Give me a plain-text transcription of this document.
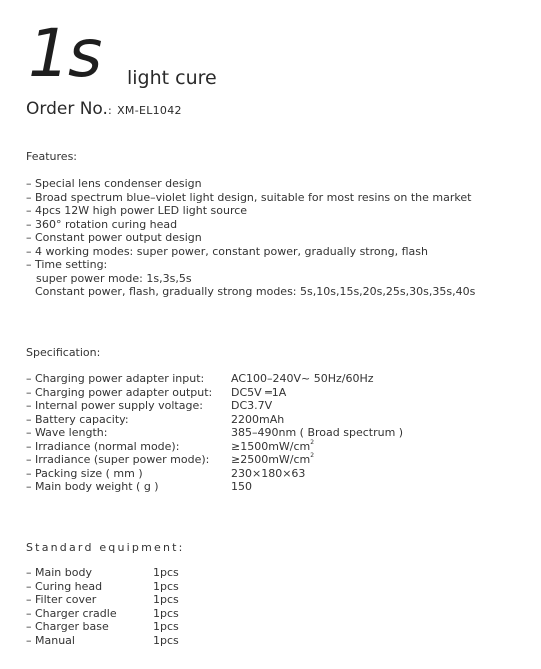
1s light cure
Order No.: XM-EL1042
Features:
– Special lens condenser design
– Broad spectrum blue–violet light design, suitable for most resins on the market
– 4pcs 12W high power LED light source
– 360° rotation curing head
– Constant power output design
– 4 working modes: super power, constant power, gradually strong, flash
– Time setting:
super power mode: 1s,3s,5s
Constant power, flash, gradually strong modes: 5s,10s,15s,20s,25s,30s,35s,40s
Specification:
– Charging power adapter input:	AC100–240V~ 50Hz/60Hz
– Charging power adapter output:	DC5V ═1A
– Internal power supply voltage:	DC3.7V
– Battery capacity:	2200mAh
– Wave length:	385–490nm ( Broad spectrum )
– Irradiance (normal mode):	$\ge 1500mW/cm^2$
– Irradiance (super power mode):	$\ge 2500mW/cm^2$
– Packing size ( mm )	230×180×63
– Main body weight ( g )	150
Standard equipment:
– Main body	1pcs
– Curing head	1pcs
– Filter cover	1pcs
– Charger cradle	1pcs
– Charger base	1pcs
– Manual	1pcs
